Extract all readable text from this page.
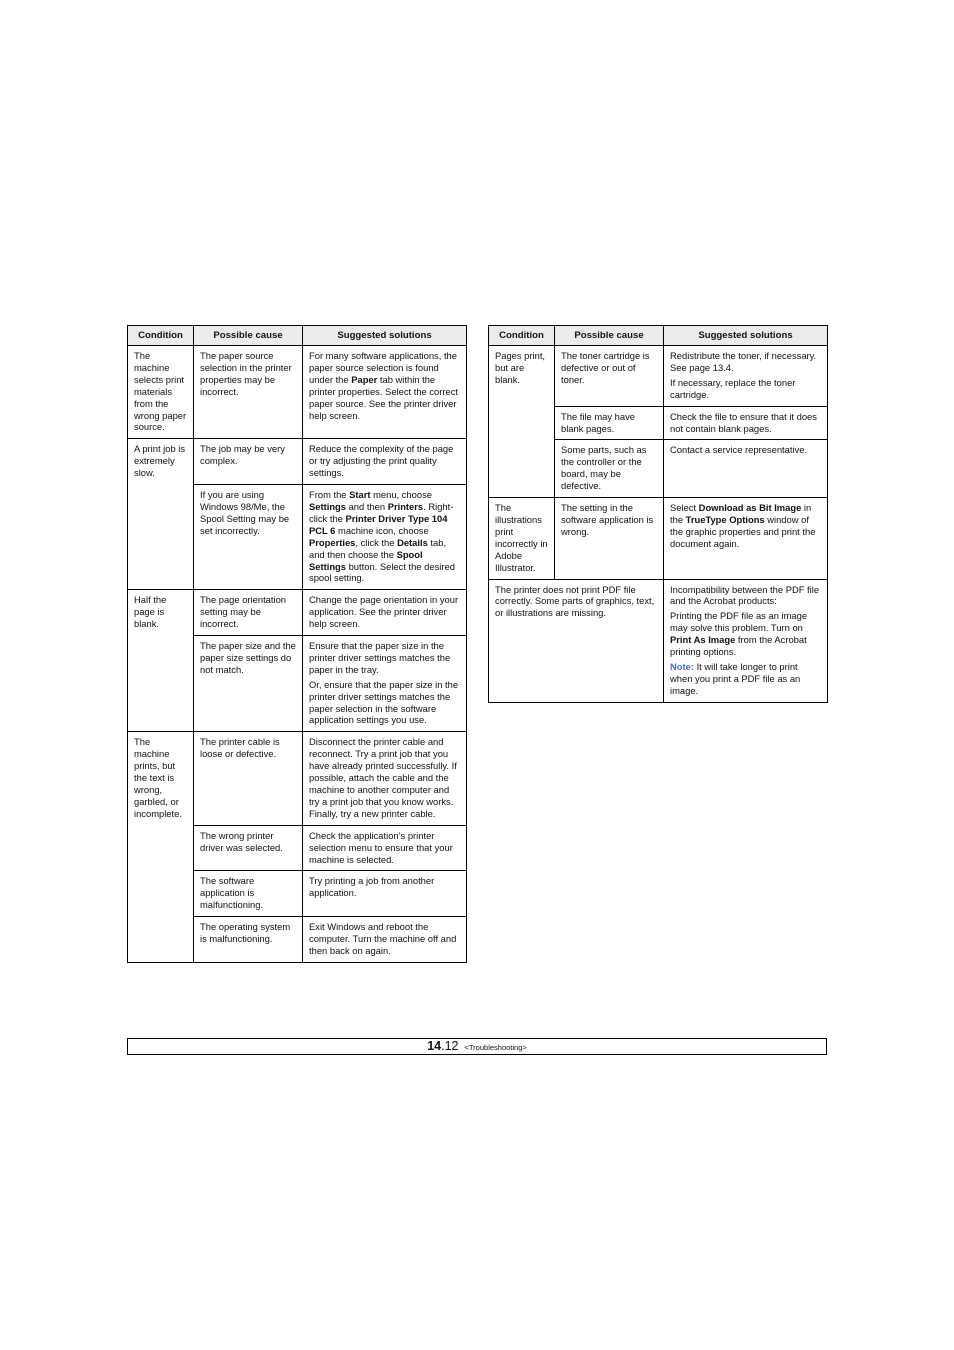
Condition	Possible cause	Suggested solutions
The machine selects print materials from the wrong paper source.	The paper source selection in the printer properties may be incorrect.	For many software applications, the paper source selection is found under the Paper tab within the printer properties. Select the correct paper source. See the printer driver help screen.

A print job is extremely slow.	The job may be very complex.	Reduce the complexity of the page or try adjusting the print quality settings.

	If you are using Windows 98/Me, the Spool Setting may be set incorrectly.	From the Start menu, choose Settings and then Printers. Right-click the Printer Driver Type 104 PCL 6 machine icon, choose Properties, click the Details tab, and then choose the Spool Settings button. Select the desired spool setting.

Half the page is blank.	The page orientation setting may be incorrect.	Change the page orientation in your application. See the printer driver help screen.

	The paper size and the paper size settings do not match.	Ensure that the paper size in the printer driver settings matches the paper in the tray.
Or, ensure that the paper size in the printer driver settings matches the paper selection in the software application settings you use.

The machine prints, but the text is wrong, garbled, or incomplete.	The printer cable is loose or defective.	Disconnect the printer cable and reconnect. Try a print job that you have already printed successfully. If possible, attach the cable and the machine to another computer and try a print job that you know works. Finally, try a new printer cable.

	The wrong printer driver was selected.	Check the application’s printer selection menu to ensure that your machine is selected.

	The software application is malfunctioning.	Try printing a job from another application.

	The operating system is malfunctioning.	Exit Windows and reboot the computer. Turn the machine off and then back on again.
Condition	Possible cause	Suggested solutions
Pages print, but are blank.	The toner cartridge is defective or out of toner.	Redistribute the toner, if necessary. See page 13.4.
If necessary, replace the toner cartridge.

	The file may have blank pages.	Check the file to ensure that it does not contain blank pages.

	Some parts, such as the controller or the board, may be defective.	Contact a service representative.

The illustrations print incorrectly in Adobe Illustrator.	The setting in the software application is wrong.	Select Download as Bit Image in the TrueType Options window of the graphic properties and print the document again.

The printer does not print PDF file correctly. Some parts of graphics, text, or illustrations are missing.		Incompatibility between the PDF file and the Acrobat products:
Printing the PDF file as an image may solve this problem. Turn on Print As Image from the Acrobat printing options.
Note: It will take longer to print when you print a PDF file as an image.
14.12 <Troubleshooting>
